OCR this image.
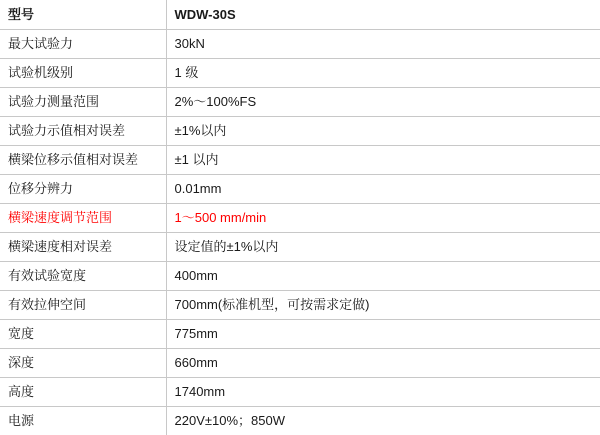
型号	WDW-30S
最大试验力	30kN
试验机级别	1 级
试验力测量范围	2%～100%FS
试验力示值相对误差	±1%以内
横梁位移示值相对误差	±1 以内
位移分辨力	0.01mm
横梁速度调节范围	1～500 mm/min
横梁速度相对误差	设定值的±1%以内
有效试验宽度	400mm
有效拉伸空间	700mm(标准机型，可按需求定做)
宽度	775mm
深度	660mm
高度	1740mm
电源	220V±10%；850W
